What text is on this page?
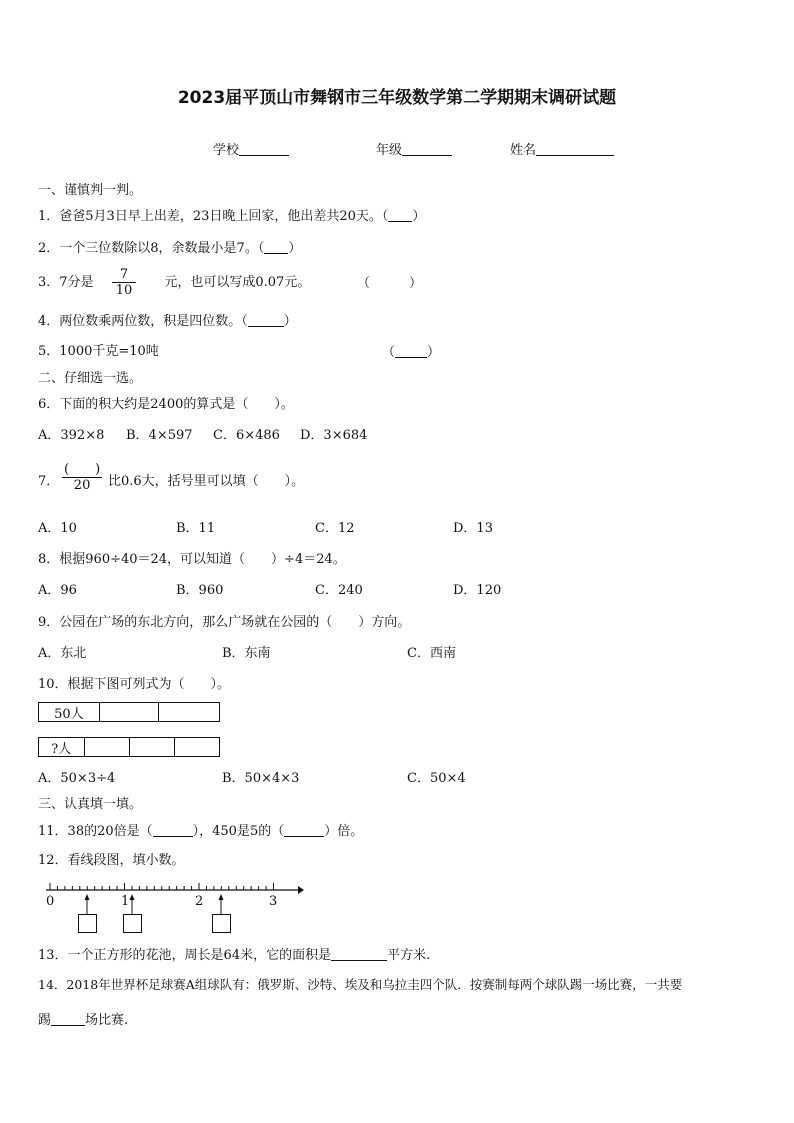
2023届平顶山市舞钢市三年级数学第二学期期末调研试题
学校	年级	姓名
一、谨慎判一判。
1．爸爸5月3日早上出差，23日晚上回家，他出差共20天。（ ）
2．一个三位数除以8，余数最小是7。（ ）
3．7分是 $\frac{7}{10}$ 元，也可以写成0.07元。	（　　　）
4．两位数乘两位数，积是四位数。（	）
5．1000千克=10吨	（ ）
二、仔细选一选。
6．下面的积大约是2400的算式是（　　）。
A．392×8 B．4×597 C．6×486 D．3×684
7． $\frac{( )}{20}$ 比0.6大，括号里可以填（　　）。
A．10	B．11	C．12	D．13
8．根据960÷40＝24，可以知道（　　）÷4＝24。
A．96	B．960	C．240	D．120
9．公园在广场的东北方向，那么广场就在公园的（　　）方向。
A．东北	B．东南	C．西南
10．根据下图可列式为（　　）。
50人
?人
A．50×3÷4	B．50×4×3	C．50×4
三、认真填一填。
11．38的20倍是（	），450是5的（	）倍。
12．看线段图，填小数。
0	1	2	3
13．一个正方形的花池，周长是64米，它的面积是	平方米.
14．2018年世界杯足球赛A组球队有：俄罗斯、沙特、埃及和乌拉圭四个队．按赛制每两个球队踢一场比赛，一共要
踢	场比赛.
